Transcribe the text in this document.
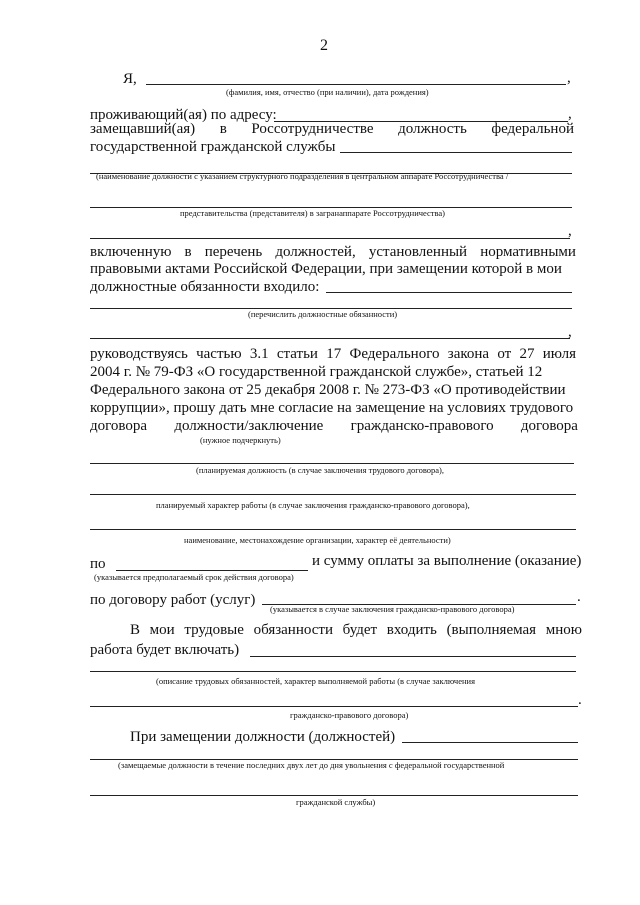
2
Я,	,
(фамилия, имя, отчество (при наличии), дата рождения)
проживающий(ая) по адресу:	,
замещавший(ая) в Россотрудничестве должность федеральной
государственной гражданской службы
(наименование должности с указанием структурного подразделения в центральном аппарате Россотрудничества /
представительства (представителя) в загранаппарате Россотрудничества)
,
включенную в перечень должностей, установленный нормативными
правовыми актами Российской Федерации, при замещении которой в мои
должностные обязанности входило:
(перечислить должностные обязанности)
,
руководствуясь частью 3.1 статьи 17 Федерального закона от 27 июля
2004 г. № 79-ФЗ «О государственной гражданской службе», статьей 12
Федерального закона от 25 декабря 2008 г. № 273-ФЗ «О противодействии
коррупции», прошу дать мне согласие на замещение на условиях трудового
договора должности/заключение гражданско-правового договора
(нужное подчеркнуть)
(планируемая должность (в случае заключения трудового договора),
планируемый характер работы (в случае заключения гражданско-правового договора),
наименование, местонахождение организации, характер её деятельности)
по	и сумму оплаты за выполнение (оказание)
(указывается предполагаемый срок действия договора)
по договору работ (услуг)	.
(указывается в случае заключения гражданско-правового договора)
В мои трудовые обязанности будет входить (выполняемая мною
работа будет включать)
(описание трудовых обязанностей, характер выполняемой работы (в случае заключения
.
гражданско-правового договора)
При замещении должности (должностей)
(замещаемые должности в течение последних двух лет до дня увольнения с федеральной государственной
гражданской службы)
